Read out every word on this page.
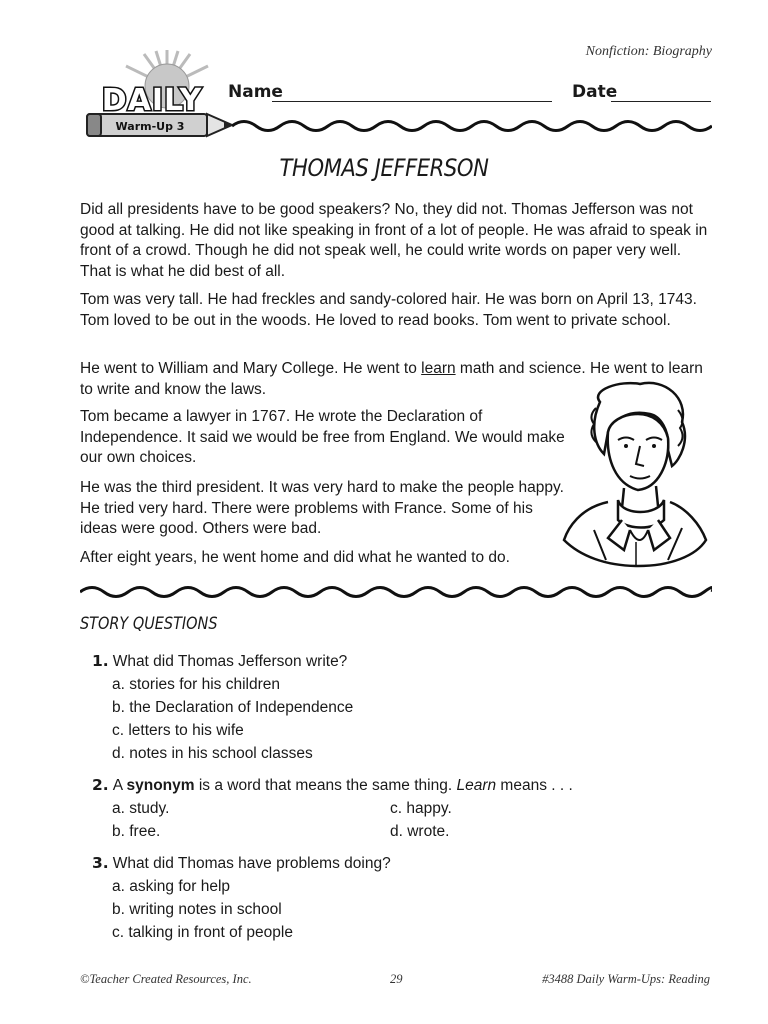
Nonfiction: Biography
Warm-Up 3
DAILY Name	Date
THOMAS JEFFERSON

Did all presidents have to be good speakers? No, they did not. Thomas Jefferson was not good at talking. He did not like speaking in front of a lot of people. He was afraid to speak in front of a crowd. Though he did not speak well, he could write words on paper very well. That is what he did best of all.

Tom was very tall. He had freckles and sandy-colored hair. He was born on April 13, 1743. Tom loved to be out in the woods. He loved to read books. Tom went to private school.

He went to William and Mary College. He went to learn math and science. He went to learn to write and know the laws.

Tom became a lawyer in 1767. He wrote the Declaration of Independence. It said we would be free from England. We would make our own choices.

He was the third president. It was very hard to make the people happy. He tried very hard. There were problems with France. Some of his ideas were good. Others were bad.

After eight years, he went home and did what he wanted to do.

STORY QUESTIONS
1. What did Thomas Jefferson write?
a. stories for his children
b. the Declaration of Independence
c. letters to his wife
d. notes in his school classes
2. A synonym is a word that means the same thing. Learn means . . .
a. study.
b. free.
c. happy.
d. wrote.
3. What did Thomas have problems doing?
a. asking for help
b. writing notes in school
c. talking in front of people
©Teacher Created Resources, Inc.	29	#3488 Daily Warm-Ups: Reading
